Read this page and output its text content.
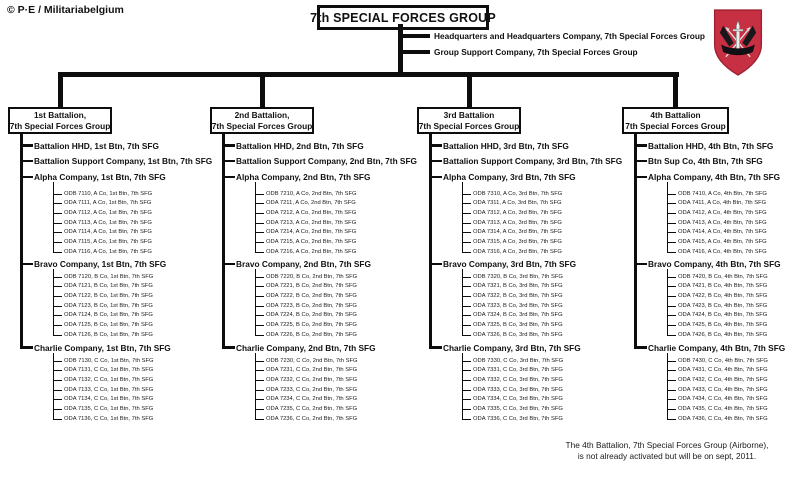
© P·E / Militariabelgium
7th SPECIAL FORCES GROUP
Headquarters and Headquarters Company, 7th Special Forces Group
Group Support Company, 7th Special Forces Group
1st Battalion,
7th Special Forces Group
Battalion HHD, 1st Btn, 7th SFG
Battalion Support Company, 1st Btn, 7th SFG
Alpha Company, 1st Btn, 7th SFG
ODB 7110, A Co, 1st Btn, 7th SFG
ODA 7111, A Co, 1st Btn, 7th SFG
ODA 7112, A Co, 1st Btn, 7th SFG
ODA 7113, A Co, 1st Btn, 7th SFG
ODA 7114, A Co, 1st Btn, 7th SFG
ODA 7115, A Co, 1st Btn, 7th SFG
ODA 7116, A Co, 1st Btn, 7th SFG
Bravo Company, 1st Btn, 7th SFG
ODB 7120, B Co, 1st Btn, 7th SFG
ODA 7121, B Co, 1st Btn, 7th SFG
ODA 7122, B Co, 1st Btn, 7th SFG
ODA 7123, B Co, 1st Btn, 7th SFG
ODA 7124, B Co, 1st Btn, 7th SFG
ODA 7125, B Co, 1st Btn, 7th SFG
ODA 7126, B Co, 1st Btn, 7th SFG
Charlie Company, 1st Btn, 7th SFG
ODB 7130, C Co, 1st Btn, 7th SFG
ODA 7131, C Co, 1st Btn, 7th SFG
ODA 7132, C Co, 1st Btn, 7th SFG
ODA 7133, C Co, 1st Btn, 7th SFG
ODA 7134, C Co, 1st Btn, 7th SFG
ODA 7135, C Co, 1st Btn, 7th SFG
ODA 7136, C Co, 1st Btn, 7th SFG
2nd Battalion,
7th Special Forces Group
Battalion HHD, 2nd Btn, 7th SFG
Battalion Support Company, 2nd Btn, 7th SFG
Alpha Company, 2nd Btn, 7th SFG
ODB 7210, A Co, 2nd Btn, 7th SFG
ODA 7211, A Co, 2nd Btn, 7th SFG
ODA 7212, A Co, 2nd Btn, 7th SFG
ODA 7213, A Co, 2nd Btn, 7th SFG
ODA 7214, A Co, 2nd Btn, 7th SFG
ODA 7215, A Co, 2nd Btn, 7th SFG
ODA 7216, A Co, 2nd Btn, 7th SFG
Bravo Company, 2nd Btn, 7th SFG
ODB 7220, B Co, 2nd Btn, 7th SFG
ODA 7221, B Co, 2nd Btn, 7th SFG
ODA 7222, B Co, 2nd Btn, 7th SFG
ODA 7223, B Co, 2nd Btn, 7th SFG
ODA 7224, B Co, 2nd Btn, 7th SFG
ODA 7225, B Co, 2nd Btn, 7th SFG
ODA 7226, B Co, 2nd Btn, 7th SFG
Charlie Company, 2nd Btn, 7th SFG
ODB 7230, C Co, 2nd Btn, 7th SFG
ODA 7231, C Co, 2nd Btn, 7th SFG
ODA 7232, C Co, 2nd Btn, 7th SFG
ODA 7233, C Co, 2nd Btn, 7th SFG
ODA 7234, C Co, 2nd Btn, 7th SFG
ODA 7235, C Co, 2nd Btn, 7th SFG
ODA 7236, C Co, 2nd Btn, 7th SFG
3rd Battalion
7th Special Forces Group
Battalion HHD, 3rd Btn, 7th SFG
Battalion Support Company, 3rd Btn, 7th SFG
Alpha Company, 3rd Btn, 7th SFG
ODB 7310, A Co, 3rd Btn, 7th SFG
ODA 7311, A Co, 3rd Btn, 7th SFG
ODA 7312, A Co, 3rd Btn, 7th SFG
ODA 7313, A Co, 3rd Btn, 7th SFG
ODA 7314, A Co, 3rd Btn, 7th SFG
ODA 7315, A Co, 3rd Btn, 7th SFG
ODA 7316, A Co, 3rd Btn, 7th SFG
Bravo Company, 3rd Btn, 7th SFG
ODB 7320, B Co, 3rd Btn, 7th SFG
ODA 7321, B Co, 3rd Btn, 7th SFG
ODA 7322, B Co, 3rd Btn, 7th SFG
ODA 7323, B Co, 3rd Btn, 7th SFG
ODA 7324, B Co, 3rd Btn, 7th SFG
ODA 7325, B Co, 3rd Btn, 7th SFG
ODA 7326, B Co, 3rd Btn, 7th SFG
Charlie Company, 3rd Btn, 7th SFG
ODB 7330, C Co, 3rd Btn, 7th SFG
ODA 7331, C Co, 3rd Btn, 7th SFG
ODA 7332, C Co, 3rd Btn, 7th SFG
ODA 7333, C Co, 3rd Btn, 7th SFG
ODA 7334, C Co, 3rd Btn, 7th SFG
ODA 7335, C Co, 3rd Btn, 7th SFG
ODA 7336, C Co, 3rd Btn, 7th SFG
4th Battalion
7th Special Forces Group
Battalion HHD, 4th Btn, 7th SFG
Btn Sup Co, 4th Btn, 7th SFG
Alpha Company, 4th Btn, 7th SFG
ODB 7410, A Co, 4th Btn, 7th SFG
ODA 7411, A Co, 4th Btn, 7th SFG
ODA 7412, A Co, 4th Btn, 7th SFG
ODA 7413, A Co, 4th Btn, 7th SFG
ODA 7414, A Co, 4th Btn, 7th SFG
ODA 7415, A Co, 4th Btn, 7th SFG
ODA 7416, A Co, 4th Btn, 7th SFG
Bravo Company, 4th Btn, 7th SFG
ODB 7420, B Co, 4th Btn, 7th SFG
ODA 7421, B Co, 4th Btn, 7th SFG
ODA 7422, B Co, 4th Btn, 7th SFG
ODA 7423, B Co, 4th Btn, 7th SFG
ODA 7424, B Co, 4th Btn, 7th SFG
ODA 7425, B Co, 4th Btn, 7th SFG
ODA 7426, B Co, 4th Btn, 7th SFG
Charlie Company, 4th Btn, 7th SFG
ODB 7430, C Co, 4th Btn, 7th SFG
ODA 7431, C Co, 4th Btn, 7th SFG
ODA 7432, C Co, 4th Btn, 7th SFG
ODA 7433, C Co, 4th Btn, 7th SFG
ODA 7434, C Co, 4th Btn, 7th SFG
ODA 7435, C Co, 4th Btn, 7th SFG
ODA 7436, C Co, 4th Btn, 7th SFG
The 4th Battalion, 7th Special Forces Group (Airborne),
is not already activated but will be on sept, 2011.
